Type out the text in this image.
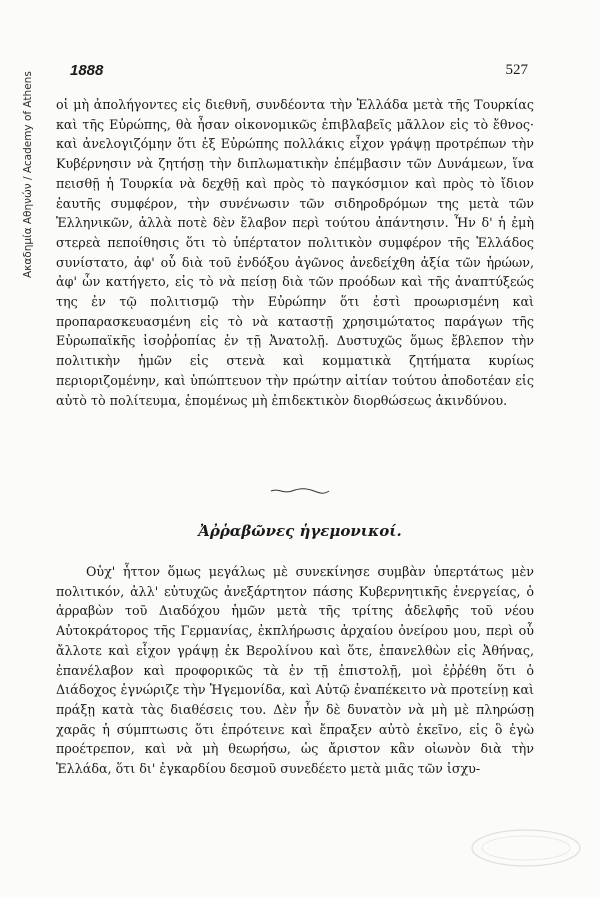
Ακαδημία Αθηνών / Academy of Athens
1888	527
οἱ μὴ ἀπολήγοντες εἰς διεθνῆ, συνδέοντα τὴν Ἑλλάδα μετὰ τῆς Τουρκίας καὶ τῆς Εὐρώπης, θὰ ἦσαν οἰκονομικῶς ἐπιβλαβεῖς μᾶλλον εἰς τὸ ἔθνος· καὶ ἀνελογιζόμην ὅτι ἐξ Εὐρώπης πολλάκις εἶχον γράψῃ προτρέπων τὴν Κυβέρνησιν νὰ ζητήσῃ τὴν διπλωματικὴν ἐπέμβασιν τῶν Δυνάμεων, ἵνα πεισθῇ ἡ Τουρκία νὰ δεχθῇ καὶ πρὸς τὸ παγκόσμιον καὶ πρὸς τὸ ἴδιον ἑαυτῆς συμφέρον, τὴν συνένωσιν τῶν σιδηροδρόμων της μετὰ τῶν Ἑλληνικῶν, ἀλλὰ ποτὲ δὲν ἔλαβον περὶ τούτου ἀπάντησιν. Ἦν δ' ἡ ἐμὴ στερεὰ πεποίθησις ὅτι τὸ ὑπέρτατον πολιτικὸν συμφέρον τῆς Ἑλλάδος συνίστατο, ἀφ' οὗ διὰ τοῦ ἐνδόξου ἀγῶνος ἀνεδείχθη ἀξία τῶν ἡρώων, ἀφ' ὧν κατήγετο, εἰς τὸ νὰ πείσῃ διὰ τῶν προόδων καὶ τῆς ἀναπτύξεώς της ἐν τῷ πολιτισμῷ τὴν Εὐρώπην ὅτι ἐστὶ προωρισμένη καὶ προπαρασκευασμένη εἰς τὸ νὰ καταστῇ χρησιμώτατος παράγων τῆς Εὐρωπαϊκῆς ἰσοῤῥοπίας ἐν τῇ Ἀνατολῇ. Δυστυχῶς ὅμως ἔβλεπον τὴν πολιτικὴν ἡμῶν εἰς στενὰ καὶ κομματικὰ ζητήματα κυρίως περιοριζομένην, καὶ ὑπώπτευον τὴν πρώτην αἰτίαν τούτου ἀποδοτέαν εἰς αὐτὸ τὸ πολίτευμα, ἑπομένως μὴ ἐπιδεκτικὸν διορθώσεως ἀκινδύνου.
Ἀῤῥαβῶνες ἡγεμονικοί.
Οὐχ' ἧττον ὅμως μεγάλως μὲ συνεκίνησε συμβὰν ὑπερτάτως μὲν πολιτικόν, ἀλλ' εὐτυχῶς ἀνεξάρτητον πάσης Κυβερνητικῆς ἐνεργείας, ὁ ἀρραβὼν τοῦ Διαδόχου ἡμῶν μετὰ τῆς τρίτης ἀδελφῆς τοῦ νέου Αὐτοκράτορος τῆς Γερμανίας, ἐκπλήρωσις ἀρχαίου ὀνείρου μου, περὶ οὗ ἄλλοτε καὶ εἶχον γράψῃ ἐκ Βερολίνου καὶ ὅτε, ἐπανελθὼν εἰς Ἀθήνας, ἐπανέλαβον καὶ προφορικῶς τὰ ἐν τῇ ἐπιστολῇ, μοὶ ἐῤῥέθη ὅτι ὁ Διάδοχος ἐγνώριζε τὴν Ἡγεμονίδα, καὶ Αὐτῷ ἐναπέκειτο νὰ προτείνῃ καὶ πράξῃ κατὰ τὰς διαθέσεις του. Δὲν ἦν δὲ δυνατὸν νὰ μὴ μὲ πληρώσῃ χαρᾶς ἡ σύμπτωσις ὅτι ἐπρότεινε καὶ ἔπραξεν αὐτὸ ἐκεῖνο, εἰς ὃ ἐγὼ προέτρεπον, καὶ νὰ μὴ θεωρήσω, ὡς ἄριστον κἂν οἰωνὸν διὰ τὴν Ἑλλάδα, ὅτι δι' ἐγκαρδίου δεσμοῦ συνεδέετο μετὰ μιᾶς τῶν ἰσχυ-
